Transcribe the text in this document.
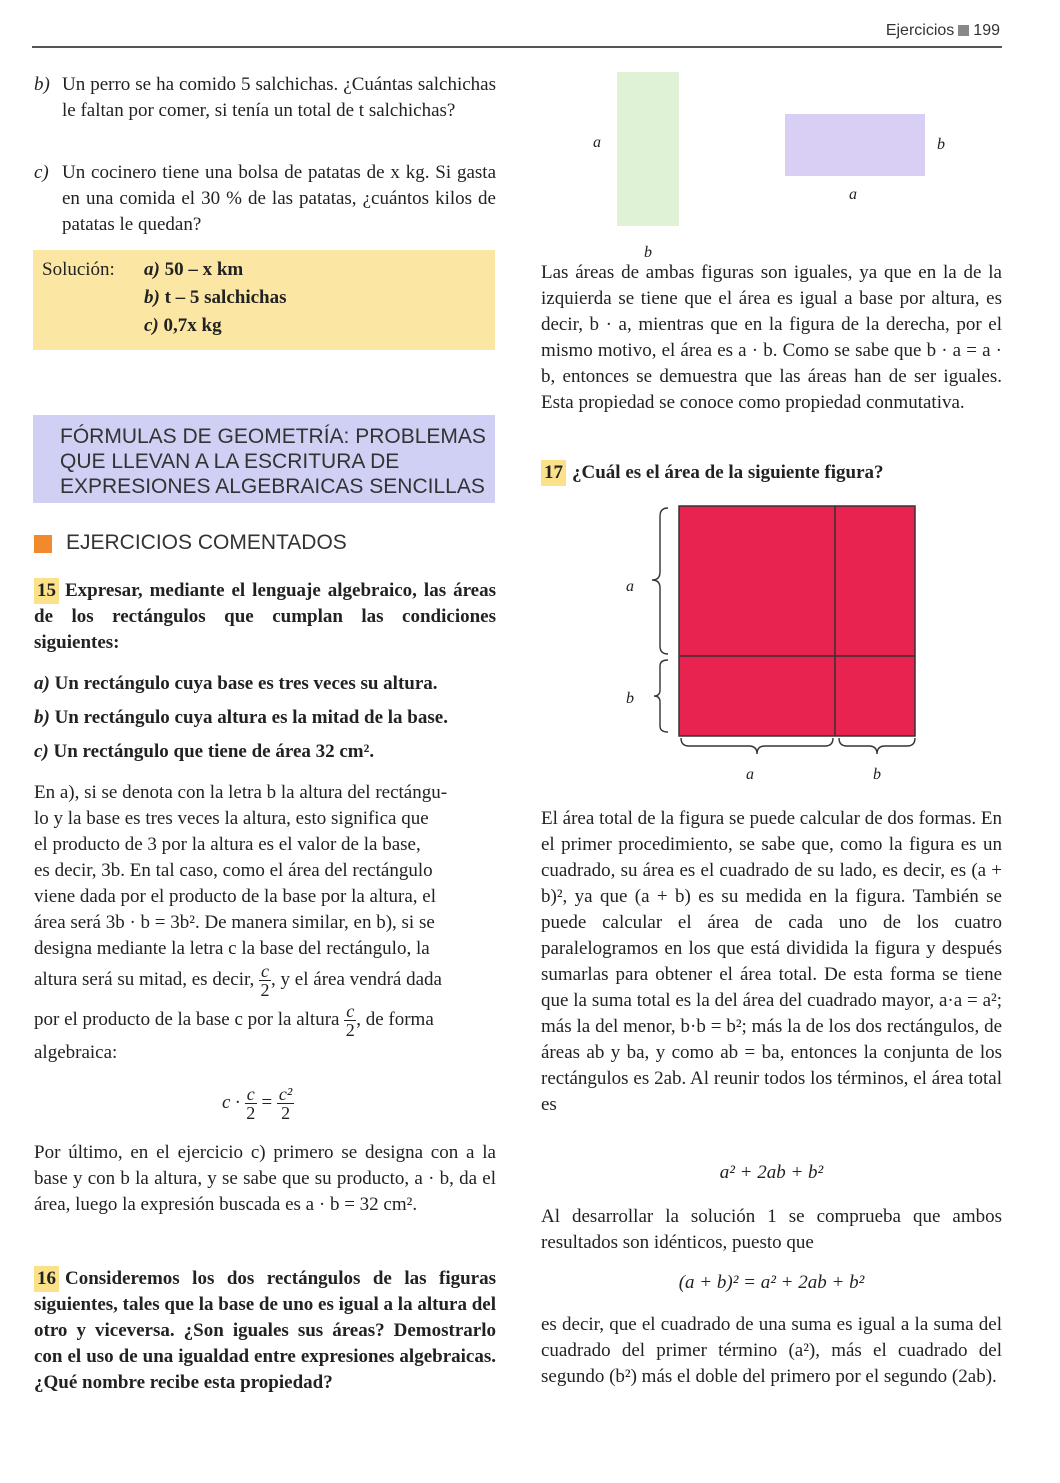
Ejercicios 199
b) Un perro se ha comido 5 salchichas. ¿Cuántas salchichas le faltan por comer, si tenía un total de t salchichas?
c) Un cocinero tiene una bolsa de patatas de x kg. Si gasta en una comida el 30 % de las patatas, ¿cuántos kilos de patatas le quedan?
Solución: a) 50 – x km
b) t – 5 salchichas
c) 0,7x kg
FÓRMULAS DE GEOMETRÍA: PROBLEMAS
QUE LLEVAN A LA ESCRITURA DE
EXPRESIONES ALGEBRAICAS SENCILLAS
EJERCICIOS COMENTADOS
15 Expresar, mediante el lenguaje algebraico, las áreas de los rectángulos que cumplan las condiciones siguientes:
a) Un rectángulo cuya base es tres veces su altura.
b) Un rectángulo cuya altura es la mitad de la base.
c) Un rectángulo que tiene de área 32 cm².
En a), si se denota con la letra b la altura del rectángu-
lo y la base es tres veces la altura, esto significa que
el producto de 3 por la altura es el valor de la base,
es decir, 3b. En tal caso, como el área del rectángulo
viene dada por el producto de la base por la altura, el
área será 3b · b = 3b². De manera similar, en b), si se
designa mediante la letra c la base del rectángulo, la
altura será su mitad, es decir, $\frac{c}{2}$ , y el área vendrá dada
por el producto de la base c por la altura $\frac{c}{2}$ , de forma
algebraica:
$c \cdot \frac{c}{2} = \frac{\text{c²}}{2}$
Por último, en el ejercicio c) primero se designa con a la base y con b la altura, y se sabe que su producto, a · b, da el área, luego la expresión buscada es a · b = 32 cm².
16 Consideremos los dos rectángulos de las figuras siguientes, tales que la base de uno es igual a la altura del otro y viceversa. ¿Son iguales sus áreas? Demostrarlo con el uso de una igualdad entre expresiones algebraicas. ¿Qué nombre recibe esta propiedad?
a
b
b
a
Las áreas de ambas figuras son iguales, ya que en la de la izquierda se tiene que el área es igual a base por altura, es decir, b · a, mientras que en la figura de la derecha, por el mismo motivo, el área es a · b. Como se sabe que b · a = a · b, entonces se demuestra que las áreas han de ser iguales. Esta propiedad se conoce como propiedad conmutativa.
17 ¿Cuál es el área de la siguiente figura?
a
b
a	b
El área total de la figura se puede calcular de dos formas. En el primer procedimiento, se sabe que, como la figura es un cuadrado, su área es el cuadrado de su lado, es decir, es (a + b)², ya que (a + b) es su medida en la figura. También se puede calcular el área de cada uno de los cuatro paralelogramos en los que está dividida la figura y después sumarlas para obtener el área total. De esta forma se tiene que la suma total es la del área del cuadrado mayor, a·a = a²; más la del menor, b·b = b²; más la de los dos rectángulos, de áreas ab y ba, y como ab = ba, entonces la conjunta de los rectángulos es 2ab. Al reunir todos los términos, el área total es
a² + 2ab + b²
Al desarrollar la solución 1 se comprueba que ambos resultados son idénticos, puesto que
(a + b)² = a² + 2ab + b²
es decir, que el cuadrado de una suma es igual a la suma del cuadrado del primer término (a²), más el cuadrado del segundo (b²) más el doble del primero por el segundo (2ab).
